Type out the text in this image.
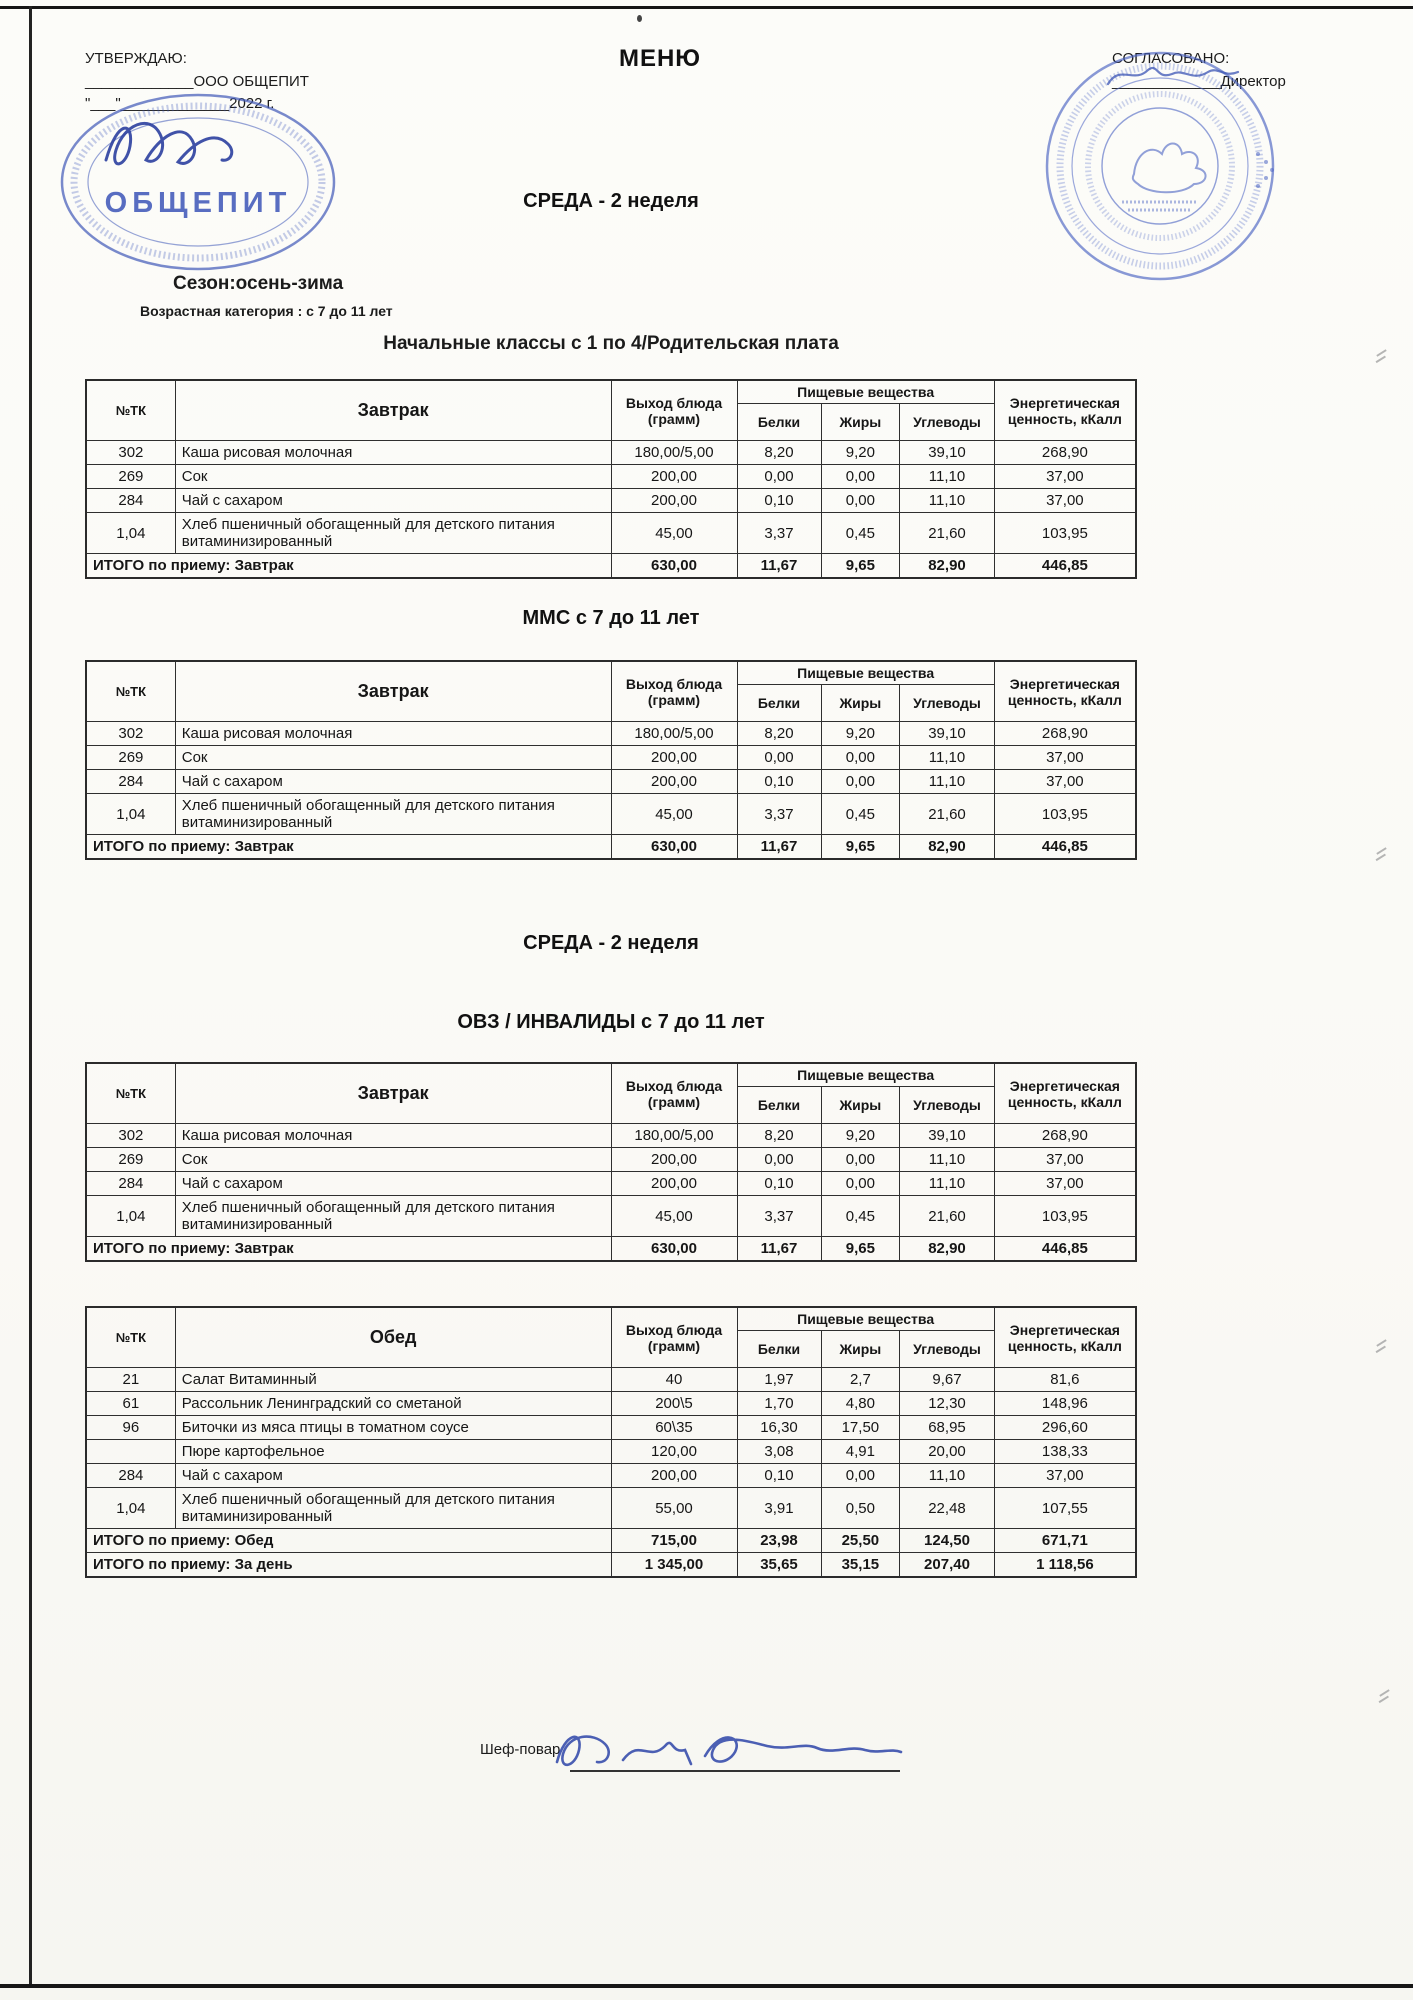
УТВЕРЖДАЮ:
_____________ООО ОБЩЕПИТ
"___"_____________2022 г.
МЕНЮ	СОГЛАСОВАНО:
_____________Директор
ОБЩЕПИТ	СРЕДА - 2 неделя
Сезон:осень-зима
Возрастная категория : с 7 до 11 лет
Начальные классы с 1 по 4/Родительская плата
№ТК	Завтрак	Выход блюда (грамм)	Пищевые вещества			Энергетическая ценность, кКалл
			Белки	Жиры	Углеводы	
302	Каша рисовая молочная	180,00/5,00	8,20	9,20	39,10	268,90
269	Сок	200,00	0,00	0,00	11,10	37,00
284	Чай с сахаром	200,00	0,10	0,00	11,10	37,00
1,04	Хлеб пшеничный обогащенный для детского питания витаминизированный	45,00	3,37	0,45	21,60	103,95
ИТОГО по приему: Завтрак		630,00	11,67	9,65	82,90	446,85
ММС с 7 до 11 лет
№ТК	Завтрак	Выход блюда (грамм)	Пищевые вещества			Энергетическая ценность, кКалл
			Белки	Жиры	Углеводы	
302	Каша рисовая молочная	180,00/5,00	8,20	9,20	39,10	268,90
269	Сок	200,00	0,00	0,00	11,10	37,00
284	Чай с сахаром	200,00	0,10	0,00	11,10	37,00
1,04	Хлеб пшеничный обогащенный для детского питания витаминизированный	45,00	3,37	0,45	21,60	103,95
ИТОГО по приему: Завтрак		630,00	11,67	9,65	82,90	446,85
СРЕДА - 2 неделя
ОВЗ / ИНВАЛИДЫ с 7 до 11 лет
№ТК	Завтрак	Выход блюда (грамм)	Пищевые вещества			Энергетическая ценность, кКалл
			Белки	Жиры	Углеводы	
302	Каша рисовая молочная	180,00/5,00	8,20	9,20	39,10	268,90
269	Сок	200,00	0,00	0,00	11,10	37,00
284	Чай с сахаром	200,00	0,10	0,00	11,10	37,00
1,04	Хлеб пшеничный обогащенный для детского питания витаминизированный	45,00	3,37	0,45	21,60	103,95
ИТОГО по приему: Завтрак		630,00	11,67	9,65	82,90	446,85
№ТК	Обед	Выход блюда (грамм)	Пищевые вещества			Энергетическая ценность, кКалл
			Белки	Жиры	Углеводы	
21	Салат Витаминный	40	1,97	2,7	9,67	81,6
61	Рассольник Ленинградский со сметаной	200\5	1,70	4,80	12,30	148,96
96	Биточки из мяса птицы в томатном соусе	60\35	16,30	17,50	68,95	296,60
	Пюре картофельное	120,00	3,08	4,91	20,00	138,33
284	Чай с сахаром	200,00	0,10	0,00	11,10	37,00
1,04	Хлеб пшеничный обогащенный для детского питания витаминизированный	55,00	3,91	0,50	22,48	107,55
ИТОГО по приему: Обед		715,00	23,98	25,50	124,50	671,71
ИТОГО по приему: За день		1 345,00	35,65	35,15	207,40	1 118,56
Шеф-повар
